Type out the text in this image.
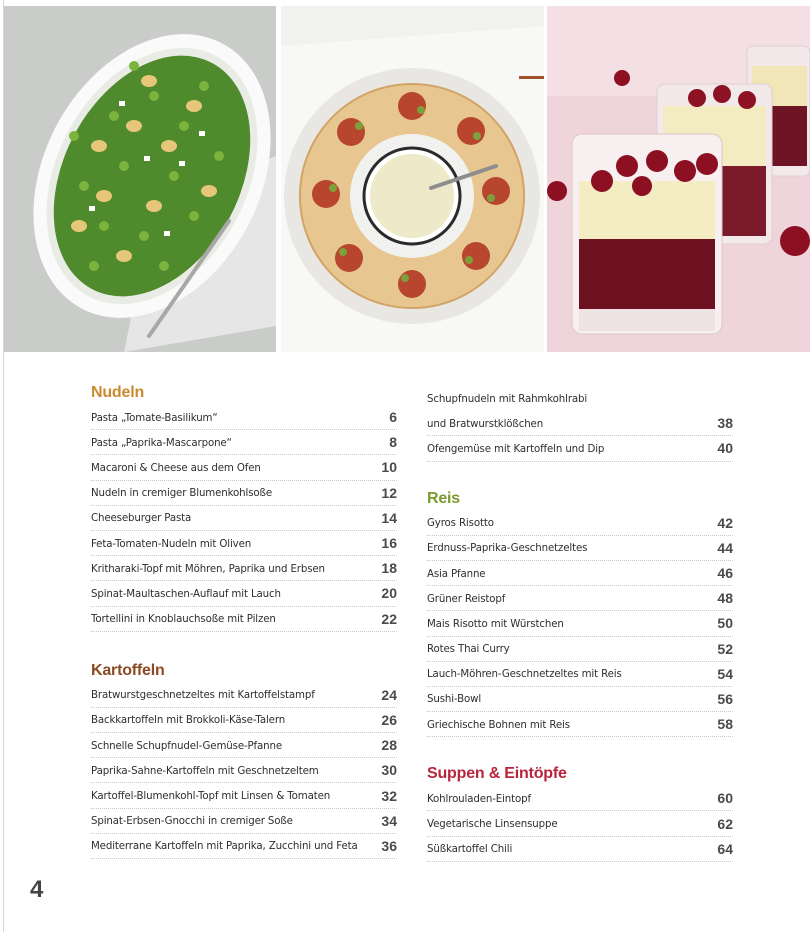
Nudeln
Pasta „Tomate-Basilikum“	6
Pasta „Paprika-Mascarpone“	8
Macaroni & Cheese aus dem Ofen	10
Nudeln in cremiger Blumenkohlsoße	12
Cheeseburger Pasta	14
Feta-Tomaten-Nudeln mit Oliven	16
Kritharaki-Topf mit Möhren, Paprika und Erbsen	18
Spinat-Maultaschen-Auflauf mit Lauch	20
Tortellini in Knoblauchsoße mit Pilzen	22
Kartoffeln
Bratwurstgeschnetzeltes mit Kartoffelstampf	24
Backkartoffeln mit Brokkoli-Käse-Talern	26
Schnelle Schupfnudel-Gemüse-Pfanne	28
Paprika-Sahne-Kartoffeln mit Geschnetzeltem	30
Kartoffel-Blumenkohl-Topf mit Linsen & Tomaten	32
Spinat-Erbsen-Gnocchi in cremiger Soße	34
Mediterrane Kartoffeln mit Paprika, Zucchini und Feta 36
Schupfnudeln mit Rahmkohlrabi
und Bratwurstklößchen	38
Ofengemüse mit Kartoffeln und Dip	40
Reis
Gyros Risotto	42
Erdnuss-Paprika-Geschnetzeltes	44
Asia Pfanne	46
Grüner Reistopf	48
Mais Risotto mit Würstchen	50
Rotes Thai Curry	52
Lauch-Möhren-Geschnetzeltes mit Reis	54
Sushi-Bowl	56
Griechische Bohnen mit Reis	58
Suppen & Eintöpfe
Kohlrouladen-Eintopf	60
Vegetarische Linsensuppe	62
Süßkartoffel Chili	64
4
